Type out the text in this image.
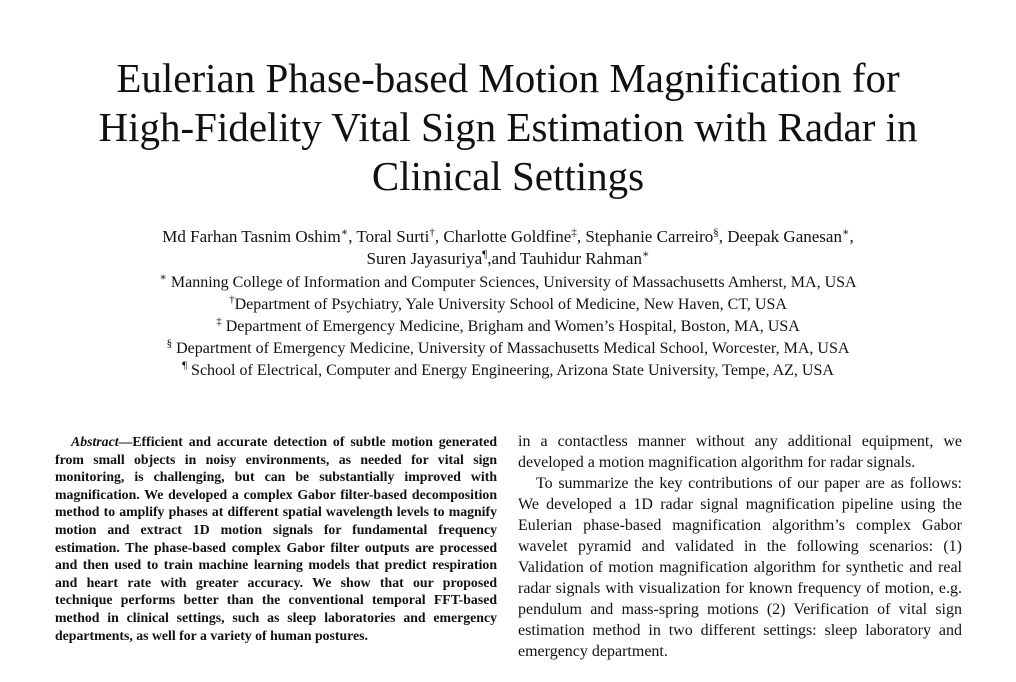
Eulerian Phase-based Motion Magnification for
High-Fidelity Vital Sign Estimation with Radar in
Clinical Settings
Md Farhan Tasnim Oshim∗, Toral Surti†, Charlotte Goldfine‡, Stephanie Carreiro§, Deepak Ganesan∗,
Suren Jayasuriya¶,and Tauhidur Rahman∗
∗ Manning College of Information and Computer Sciences, University of Massachusetts Amherst, MA, USA
†Department of Psychiatry, Yale University School of Medicine, New Haven, CT, USA
‡ Department of Emergency Medicine, Brigham and Women’s Hospital, Boston, MA, USA
§ Department of Emergency Medicine, University of Massachusetts Medical School, Worcester, MA, USA
¶ School of Electrical, Computer and Energy Engineering, Arizona State University, Tempe, AZ, USA

Abstract—Efficient and accurate detection of subtle motion generated from small objects in noisy environments, as needed for vital sign monitoring, is challenging, but can be substantially improved with magnification. We developed a complex Gabor filter-based decomposition method to amplify phases at different spatial wavelength levels to magnify motion and extract 1D motion signals for fundamental frequency estimation. The phase-based complex Gabor filter outputs are processed and then used to train machine learning models that predict respiration and heart rate with greater accuracy. We show that our proposed technique performs better than the conventional temporal FFT-based method in clinical settings, such as sleep laboratories and emergency departments, as well for a variety of human postures.

in a contactless manner without any additional equipment, we developed a motion magnification algorithm for radar signals.

To summarize the key contributions of our paper are as follows: We developed a 1D radar signal magnification pipeline using the Eulerian phase-based magnification algorithm’s complex Gabor wavelet pyramid and validated in the following scenarios: (1) Validation of motion magnification algorithm for synthetic and real radar signals with visualization for known frequency of motion, e.g. pendulum and mass-spring motions (2) Verification of vital sign estimation method in two different settings: sleep laboratory and emergency department.
